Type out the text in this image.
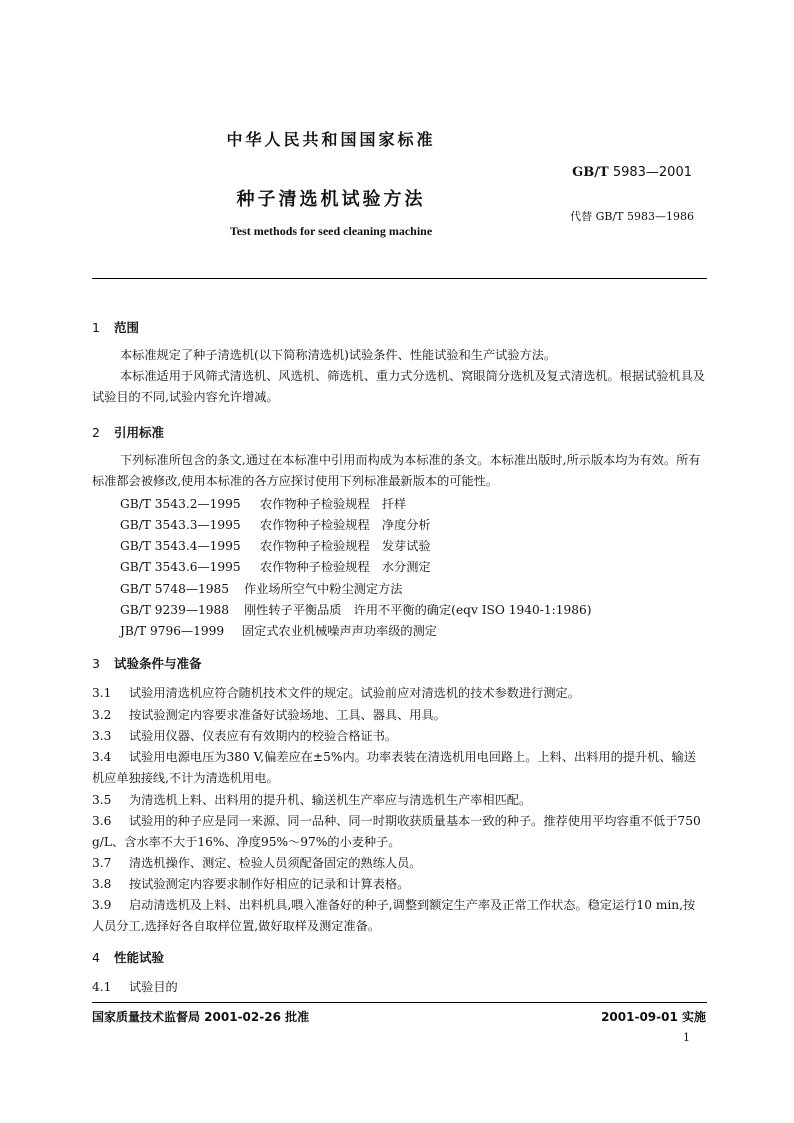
中华人民共和国国家标准
GB/T 5983—2001
种子清选机试验方法
代替 GB/T 5983—1986
Test methods for seed cleaning machine
1 范围

本标准规定了种子清选机(以下简称清选机)试验条件、性能试验和生产试验方法。

本标准适用于风筛式清选机、风选机、筛选机、重力式分选机、窝眼筒分选机及复式清选机。根据试验机具及试验目的不同,试验内容允许增减。

2 引用标准

下列标准所包含的条文,通过在本标准中引用而构成为本标准的条文。本标准出版时,所示版本均为有效。所有标准都会被修改,使用本标准的各方应探讨使用下列标准最新版本的可能性。

GB/T 3543.2—1995 农作物种子检验规程　扦样
GB/T 3543.3—1995 农作物种子检验规程　净度分析
GB/T 3543.4—1995 农作物种子检验规程　发芽试验
GB/T 3543.6—1995 农作物种子检验规程　水分测定
GB/T 5748—1985 作业场所空气中粉尘测定方法
GB/T 9239—1988 刚性转子平衡品质　许用不平衡的确定(eqv ISO 1940-1:1986)
JB/T 9796—1999 固定式农业机械噪声声功率级的测定
3 试验条件与准备
3.1 试验用清选机应符合随机技术文件的规定。试验前应对清选机的技术参数进行测定。
3.2 按试验测定内容要求准备好试验场地、工具、器具、用具。
3.3 试验用仪器、仪表应有有效期内的校验合格证书。
3.4 试验用电源电压为380 V,偏差应在±5%内。功率表装在清选机用电回路上。上料、出料用的提升机、输送机应单独接线,不计为清选机用电。
3.5 为清选机上料、出料用的提升机、输送机生产率应与清选机生产率相匹配。
3.6 试验用的种子应是同一来源、同一品种、同一时期收获质量基本一致的种子。推荐使用平均容重不低于750 g/L、含水率不大于16%、净度95%～97%的小麦种子。
3.7 清选机操作、测定、检验人员须配备固定的熟练人员。
3.8 按试验测定内容要求制作好相应的记录和计算表格。
3.9 启动清选机及上料、出料机具,喂入准备好的种子,调整到额定生产率及正常工作状态。稳定运行10 min,按人员分工,选择好各自取样位置,做好取样及测定准备。
4 性能试验
4.1 试验目的
国家质量技术监督局 2001-02-26 批准	2001-09-01 实施
1
